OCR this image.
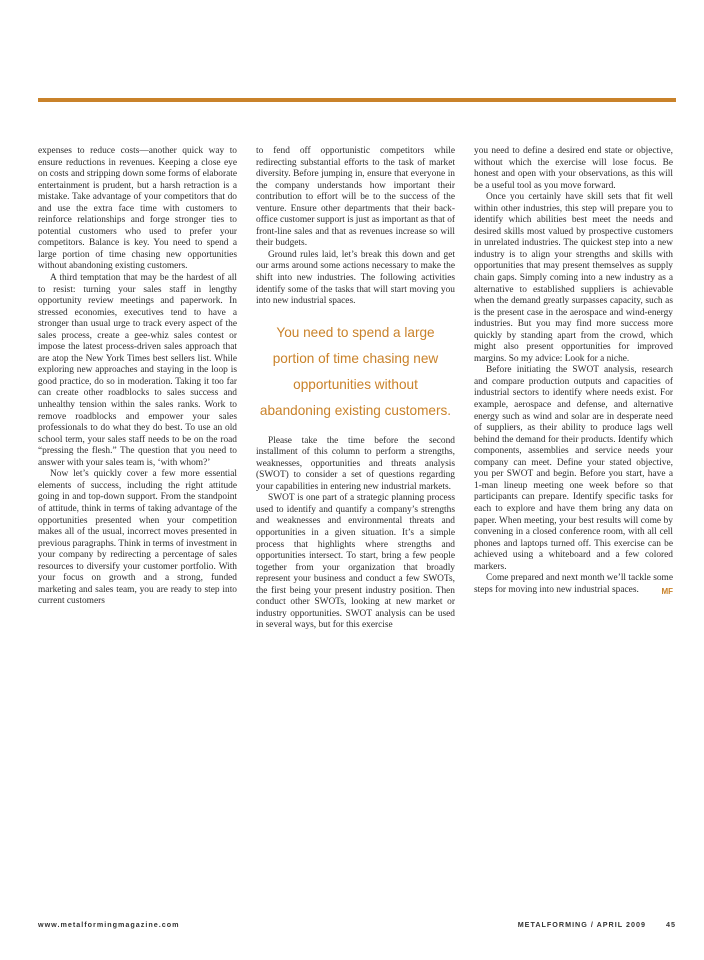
expenses to reduce costs—another quick way to ensure reductions in revenues. Keeping a close eye on costs and stripping down some forms of elaborate entertainment is prudent, but a harsh retraction is a mistake. Take advantage of your competitors that do and use the extra face time with customers to reinforce relationships and forge stronger ties to potential customers who used to prefer your competitors. Balance is key. You need to spend a large portion of time chasing new opportunities without abandoning existing customers.

A third temptation that may be the hardest of all to resist: turning your sales staff in lengthy opportunity review meetings and paperwork. In stressed economies, executives tend to have a stronger than usual urge to track every aspect of the sales process, create a gee-whiz sales contest or impose the latest process-driven sales approach that are atop the New York Times best sellers list. While exploring new approaches and staying in the loop is good practice, do so in moderation. Taking it too far can create other roadblocks to sales success and unhealthy tension within the sales ranks. Work to remove roadblocks and empower your sales professionals to do what they do best. To use an old school term, your sales staff needs to be on the road “pressing the flesh.” The question that you need to answer with your sales team is, ‘with whom?’

Now let’s quickly cover a few more essential elements of success, including the right attitude going in and top-down support. From the standpoint of attitude, think in terms of taking advantage of the opportunities presented when your competition makes all of the usual, incorrect moves presented in previous paragraphs. Think in terms of investment in your company by redirecting a percentage of sales resources to diversify your customer portfolio. With your focus on growth and a strong, funded marketing and sales team, you are ready to step into current customers

to fend off opportunistic competitors while redirecting substantial efforts to the task of market diversity. Before jumping in, ensure that everyone in the company understands how important their contribution to effort will be to the success of the venture. Ensure other departments that their back-office customer support is just as important as that of front-line sales and that as revenues increase so will their budgets.

Ground rules laid, let’s break this down and get our arms around some actions necessary to make the shift into new industries. The following activities identify some of the tasks that will start moving you into new industrial spaces.

You need to spend a large portion of time chasing new opportunities without abandoning existing customers.

Please take the time before the second installment of this column to perform a strengths, weaknesses, opportunities and threats analysis (SWOT) to consider a set of questions regarding your capabilities in entering new industrial markets.

SWOT is one part of a strategic planning process used to identify and quantify a company’s strengths and weaknesses and environmental threats and opportunities in a given situation. It’s a simple process that highlights where strengths and opportunities intersect. To start, bring a few people together from your organization that broadly represent your business and conduct a few SWOTs, the first being your present industry position. Then conduct other SWOTs, looking at new market or industry opportunities. SWOT analysis can be used in several ways, but for this exercise

you need to define a desired end state or objective, without which the exercise will lose focus. Be honest and open with your observations, as this will be a useful tool as you move forward.

Once you certainly have skill sets that fit well within other industries, this step will prepare you to identify which abilities best meet the needs and desired skills most valued by prospective customers in unrelated industries. The quickest step into a new industry is to align your strengths and skills with opportunities that may present themselves as supply chain gaps. Simply coming into a new industry as a alternative to established suppliers is achievable when the demand greatly surpasses capacity, such as is the present case in the aerospace and wind-energy industries. But you may find more success more quickly by standing apart from the crowd, which might also present opportunities for improved margins. So my advice: Look for a niche.

Before initiating the SWOT analysis, research and compare production outputs and capacities of industrial sectors to identify where needs exist. For example, aerospace and defense, and alternative energy such as wind and solar are in desperate need of suppliers, as their ability to produce lags well behind the demand for their products. Identify which components, assemblies and service needs your company can meet. Define your stated objective, you per SWOT and begin. Before you start, have a 1-man lineup meeting one week before so that participants can prepare. Identify specific tasks for each to explore and have them bring any data on paper. When meeting, your best results will come by convening in a closed conference room, with all cell phones and laptops turned off. This exercise can be achieved using a whiteboard and a few colored markers.

Come prepared and next month we’ll tackle some steps for moving into new industrial spaces.	MF

www.metalformingmagazine.com	METALFORMING / APRIL 2009	45
